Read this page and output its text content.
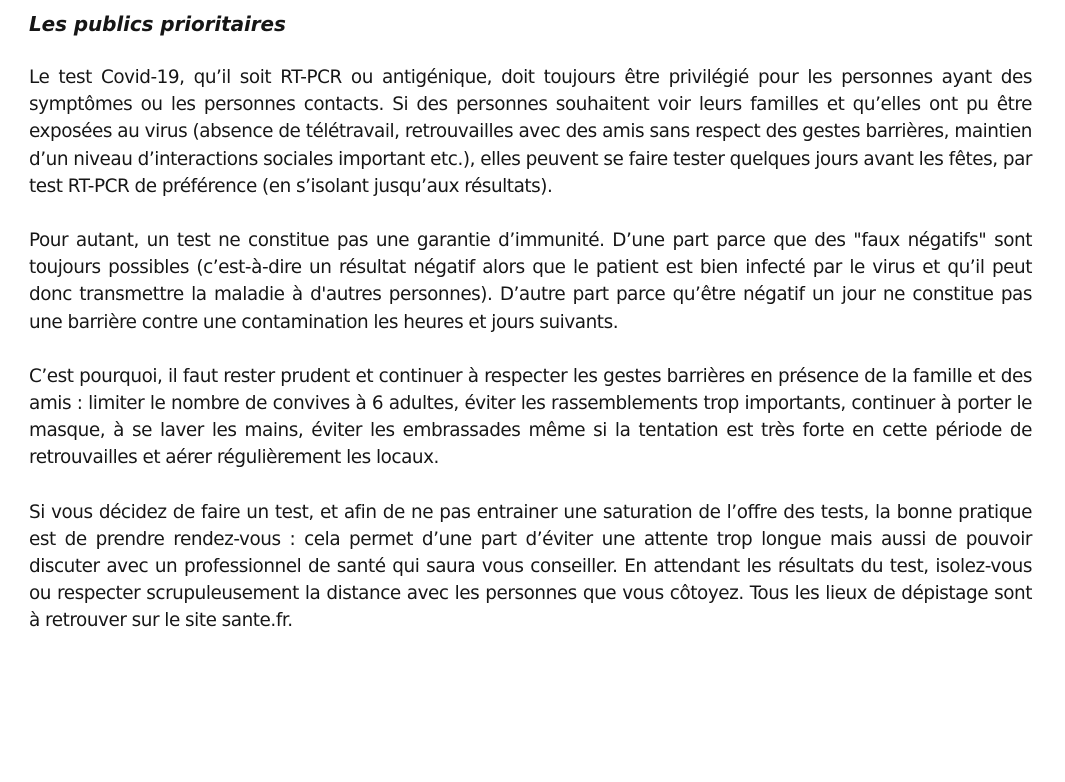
Les publics prioritaires

Le test Covid-19, qu’il soit RT-PCR ou antigénique, doit toujours être privilégié pour les personnes ayant des symptômes ou les personnes contacts. Si des personnes souhaitent voir leurs familles et qu’elles ont pu être exposées au virus (absence de télétravail, retrouvailles avec des amis sans respect des gestes barrières, maintien d’un niveau d’interactions sociales important etc.), elles peuvent se faire tester quelques jours avant les fêtes, par test RT-PCR de préférence (en s’isolant jusqu’aux résultats).

Pour autant, un test ne constitue pas une garantie d’immunité. D’une part parce que des "faux négatifs" sont toujours possibles (c’est-à-dire un résultat négatif alors que le patient est bien infecté par le virus et qu’il peut donc transmettre la maladie à d'autres personnes). D’autre part parce qu’être négatif un jour ne constitue pas une barrière contre une contamination les heures et jours suivants.

C’est pourquoi, il faut rester prudent et continuer à respecter les gestes barrières en présence de la famille et des amis : limiter le nombre de convives à 6 adultes, éviter les rassemblements trop importants, continuer à porter le masque, à se laver les mains, éviter les embrassades même si la tentation est très forte en cette période de retrouvailles et aérer régulièrement les locaux.

Si vous décidez de faire un test, et afin de ne pas entrainer une saturation de l’offre des tests, la bonne pratique est de prendre rendez-vous : cela permet d’une part d’éviter une attente trop longue mais aussi de pouvoir discuter avec un professionnel de santé qui saura vous conseiller. En attendant les résultats du test, isolez-vous ou respecter scrupuleusement la distance avec les personnes que vous côtoyez. Tous les lieux de dépistage sont à retrouver sur le site sante.fr.
